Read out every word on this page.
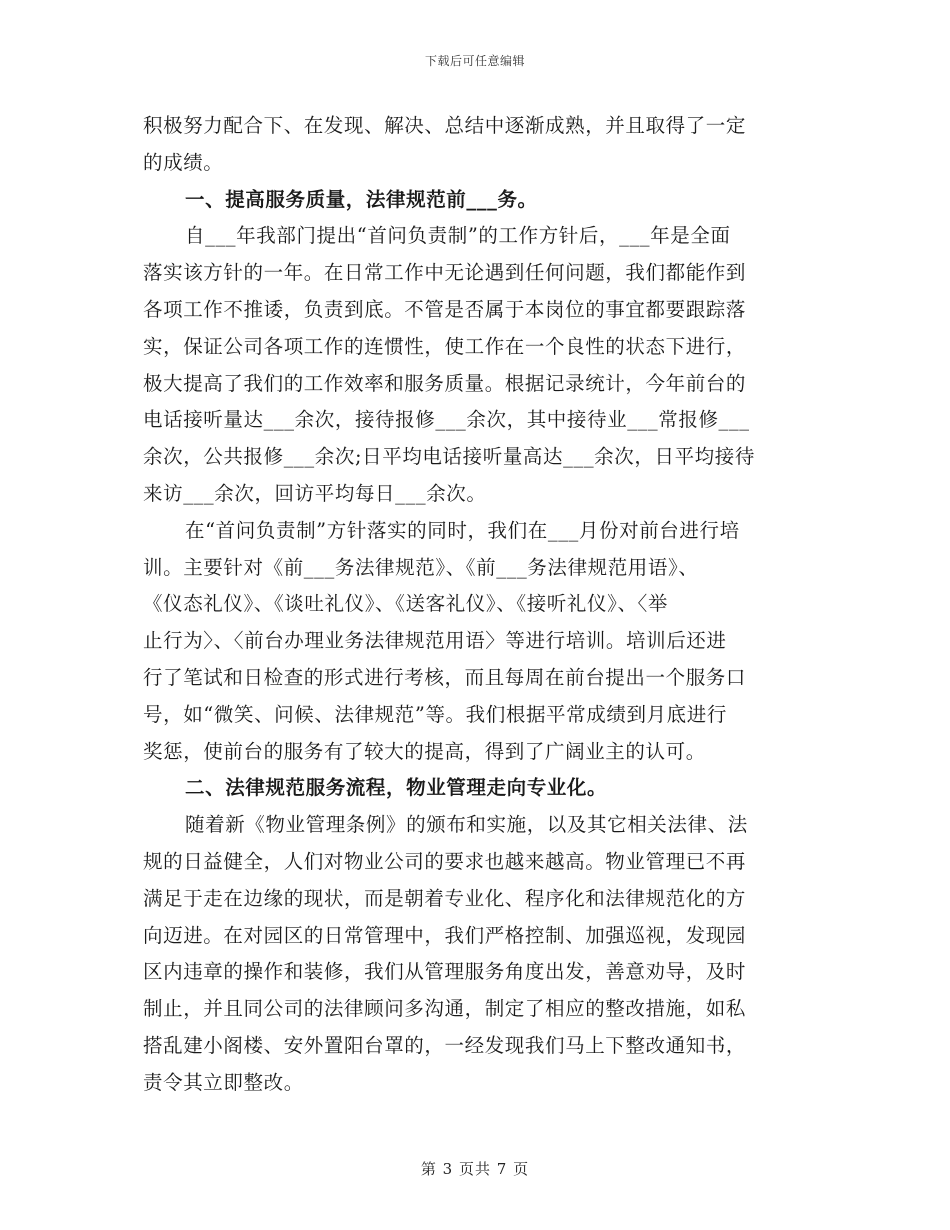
下载后可任意编辑
积极努力配合下、在发现、解决、总结中逐渐成熟，并且取得了一定
的成绩。
一、提高服务质量，法律规范前___务。
自___年我部门提出“首问负责制”的工作方针后，___年是全面
落实该方针的一年。在日常工作中无论遇到任何问题，我们都能作到
各项工作不推诿，负责到底。不管是否属于本岗位的事宜都要跟踪落
实，保证公司各项工作的连惯性，使工作在一个良性的状态下进行，
极大提高了我们的工作效率和服务质量。根据记录统计，今年前台的
电话接听量达___余次，接待报修___余次，其中接待业___常报修___
余次，公共报修___余次;日平均电话接听量高达___余次，日平均接待
来访___余次，回访平均每日___余次。
在“首问负责制”方针落实的同时，我们在___月份对前台进行培
训。主要针对《前___务法律规范》、《前___务法律规范用语》、
《仪态礼仪》、《谈吐礼仪》、《送客礼仪》、《接听礼仪》、〈举
止行为〉、〈前台办理业务法律规范用语〉等进行培训。培训后还进
行了笔试和日检查的形式进行考核，而且每周在前台提出一个服务口
号，如“微笑、问候、法律规范”等。我们根据平常成绩到月底进行
奖惩，使前台的服务有了较大的提高，得到了广阔业主的认可。
二、法律规范服务流程，物业管理走向专业化。
随着新《物业管理条例》的颁布和实施，以及其它相关法律、法
规的日益健全，人们对物业公司的要求也越来越高。物业管理已不再
满足于走在边缘的现状，而是朝着专业化、程序化和法律规范化的方
向迈进。在对园区的日常管理中，我们严格控制、加强巡视，发现园
区内违章的操作和装修，我们从管理服务角度出发，善意劝导，及时
制止，并且同公司的法律顾问多沟通，制定了相应的整改措施，如私
搭乱建小阁楼、安外置阳台罩的，一经发现我们马上下整改通知书，
责令其立即整改。
第 3 页共 7 页
